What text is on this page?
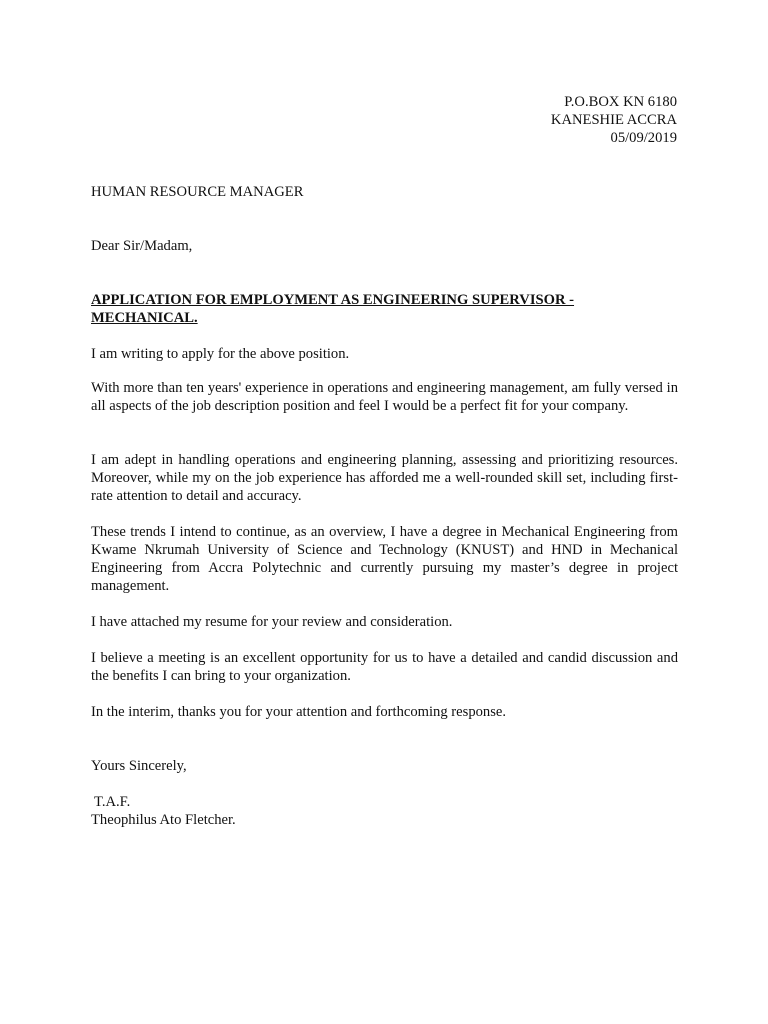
P.O.BOX KN 6180
KANESHIE ACCRA
05/09/2019
HUMAN RESOURCE MANAGER
Dear Sir/Madam,
APPLICATION FOR EMPLOYMENT AS ENGINEERING SUPERVISOR - MECHANICAL.
I am writing to apply for the above position.
With more than ten years' experience in operations and engineering management, am fully versed in all aspects of the job description position and feel I would be a perfect fit for your company.
I am adept in handling operations and engineering planning, assessing and prioritizing resources. Moreover, while my on the job experience has afforded me a well-rounded skill set, including first-rate attention to detail and accuracy.
These trends I intend to continue, as an overview, I have a degree in Mechanical Engineering from Kwame Nkrumah University of Science and Technology (KNUST) and HND in Mechanical Engineering from Accra Polytechnic and currently pursuing my master’s degree in project management.
I have attached my resume for your review and consideration.
I believe a meeting is an excellent opportunity for us to have a detailed and candid discussion and the benefits I can bring to your organization.
In the interim, thanks you for your attention and forthcoming response.
Yours Sincerely,
T.A.F.
Theophilus Ato Fletcher.
